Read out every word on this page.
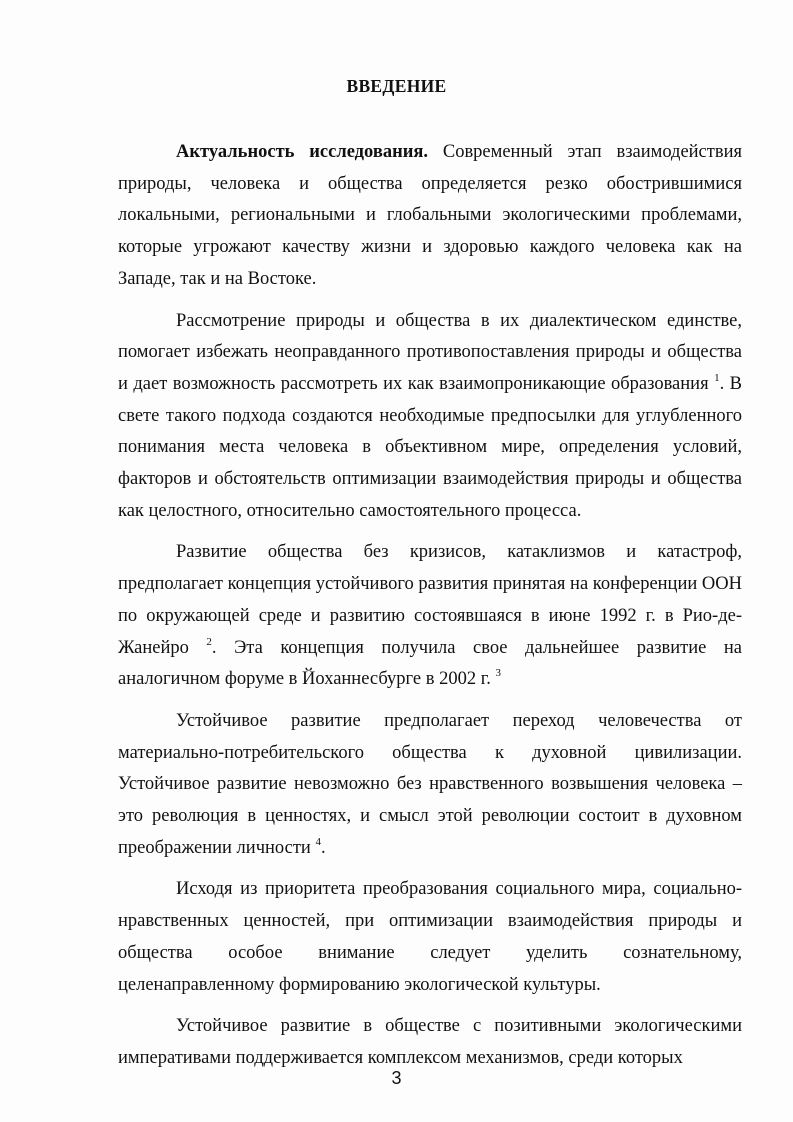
ВВЕДЕНИЕ

Актуальность исследования. Современный этап взаимодействия природы, человека и общества определяется резко обострившимися локальными, региональными и глобальными экологическими проблемами, которые угрожают качеству жизни и здоровью каждого человека как на Западе, так и на Востоке.

Рассмотрение природы и общества в их диалектическом единстве, помогает избежать неоправданного противопоставления природы и общества и дает возможность рассмотреть их как взаимопроникающие образования $^1$. В свете такого подхода создаются необходимые предпосылки для углубленного понимания места человека в объективном мире, определения условий, факторов и обстоятельств оптимизации взаимодействия природы и общества как целостного, относительно самостоятельного процесса.

Развитие общества без кризисов, катаклизмов и катастроф, предполагает концепция устойчивого развития принятая на конференции ООН по окружающей среде и развитию состоявшаяся в июне 1992 г. в Рио-де-Жанейро $^2$. Эта концепция получила свое дальнейшее развитие на аналогичном форуме в Йоханнесбурге в 2002 г. $^3$

Устойчивое развитие предполагает переход человечества от материально-потребительского общества к духовной цивилизации. Устойчивое развитие невозможно без нравственного возвышения человека – это революция в ценностях, и смысл этой революции состоит в духовном преображении личности $^4$.

Исходя из приоритета преобразования социального мира, социально-нравственных ценностей, при оптимизации взаимодействия природы и общества особое внимание следует уделить сознательному, целенаправленному формированию экологической культуры.

Устойчивое развитие в обществе с позитивными экологическими императивами поддерживается комплексом механизмов, среди которых

3
